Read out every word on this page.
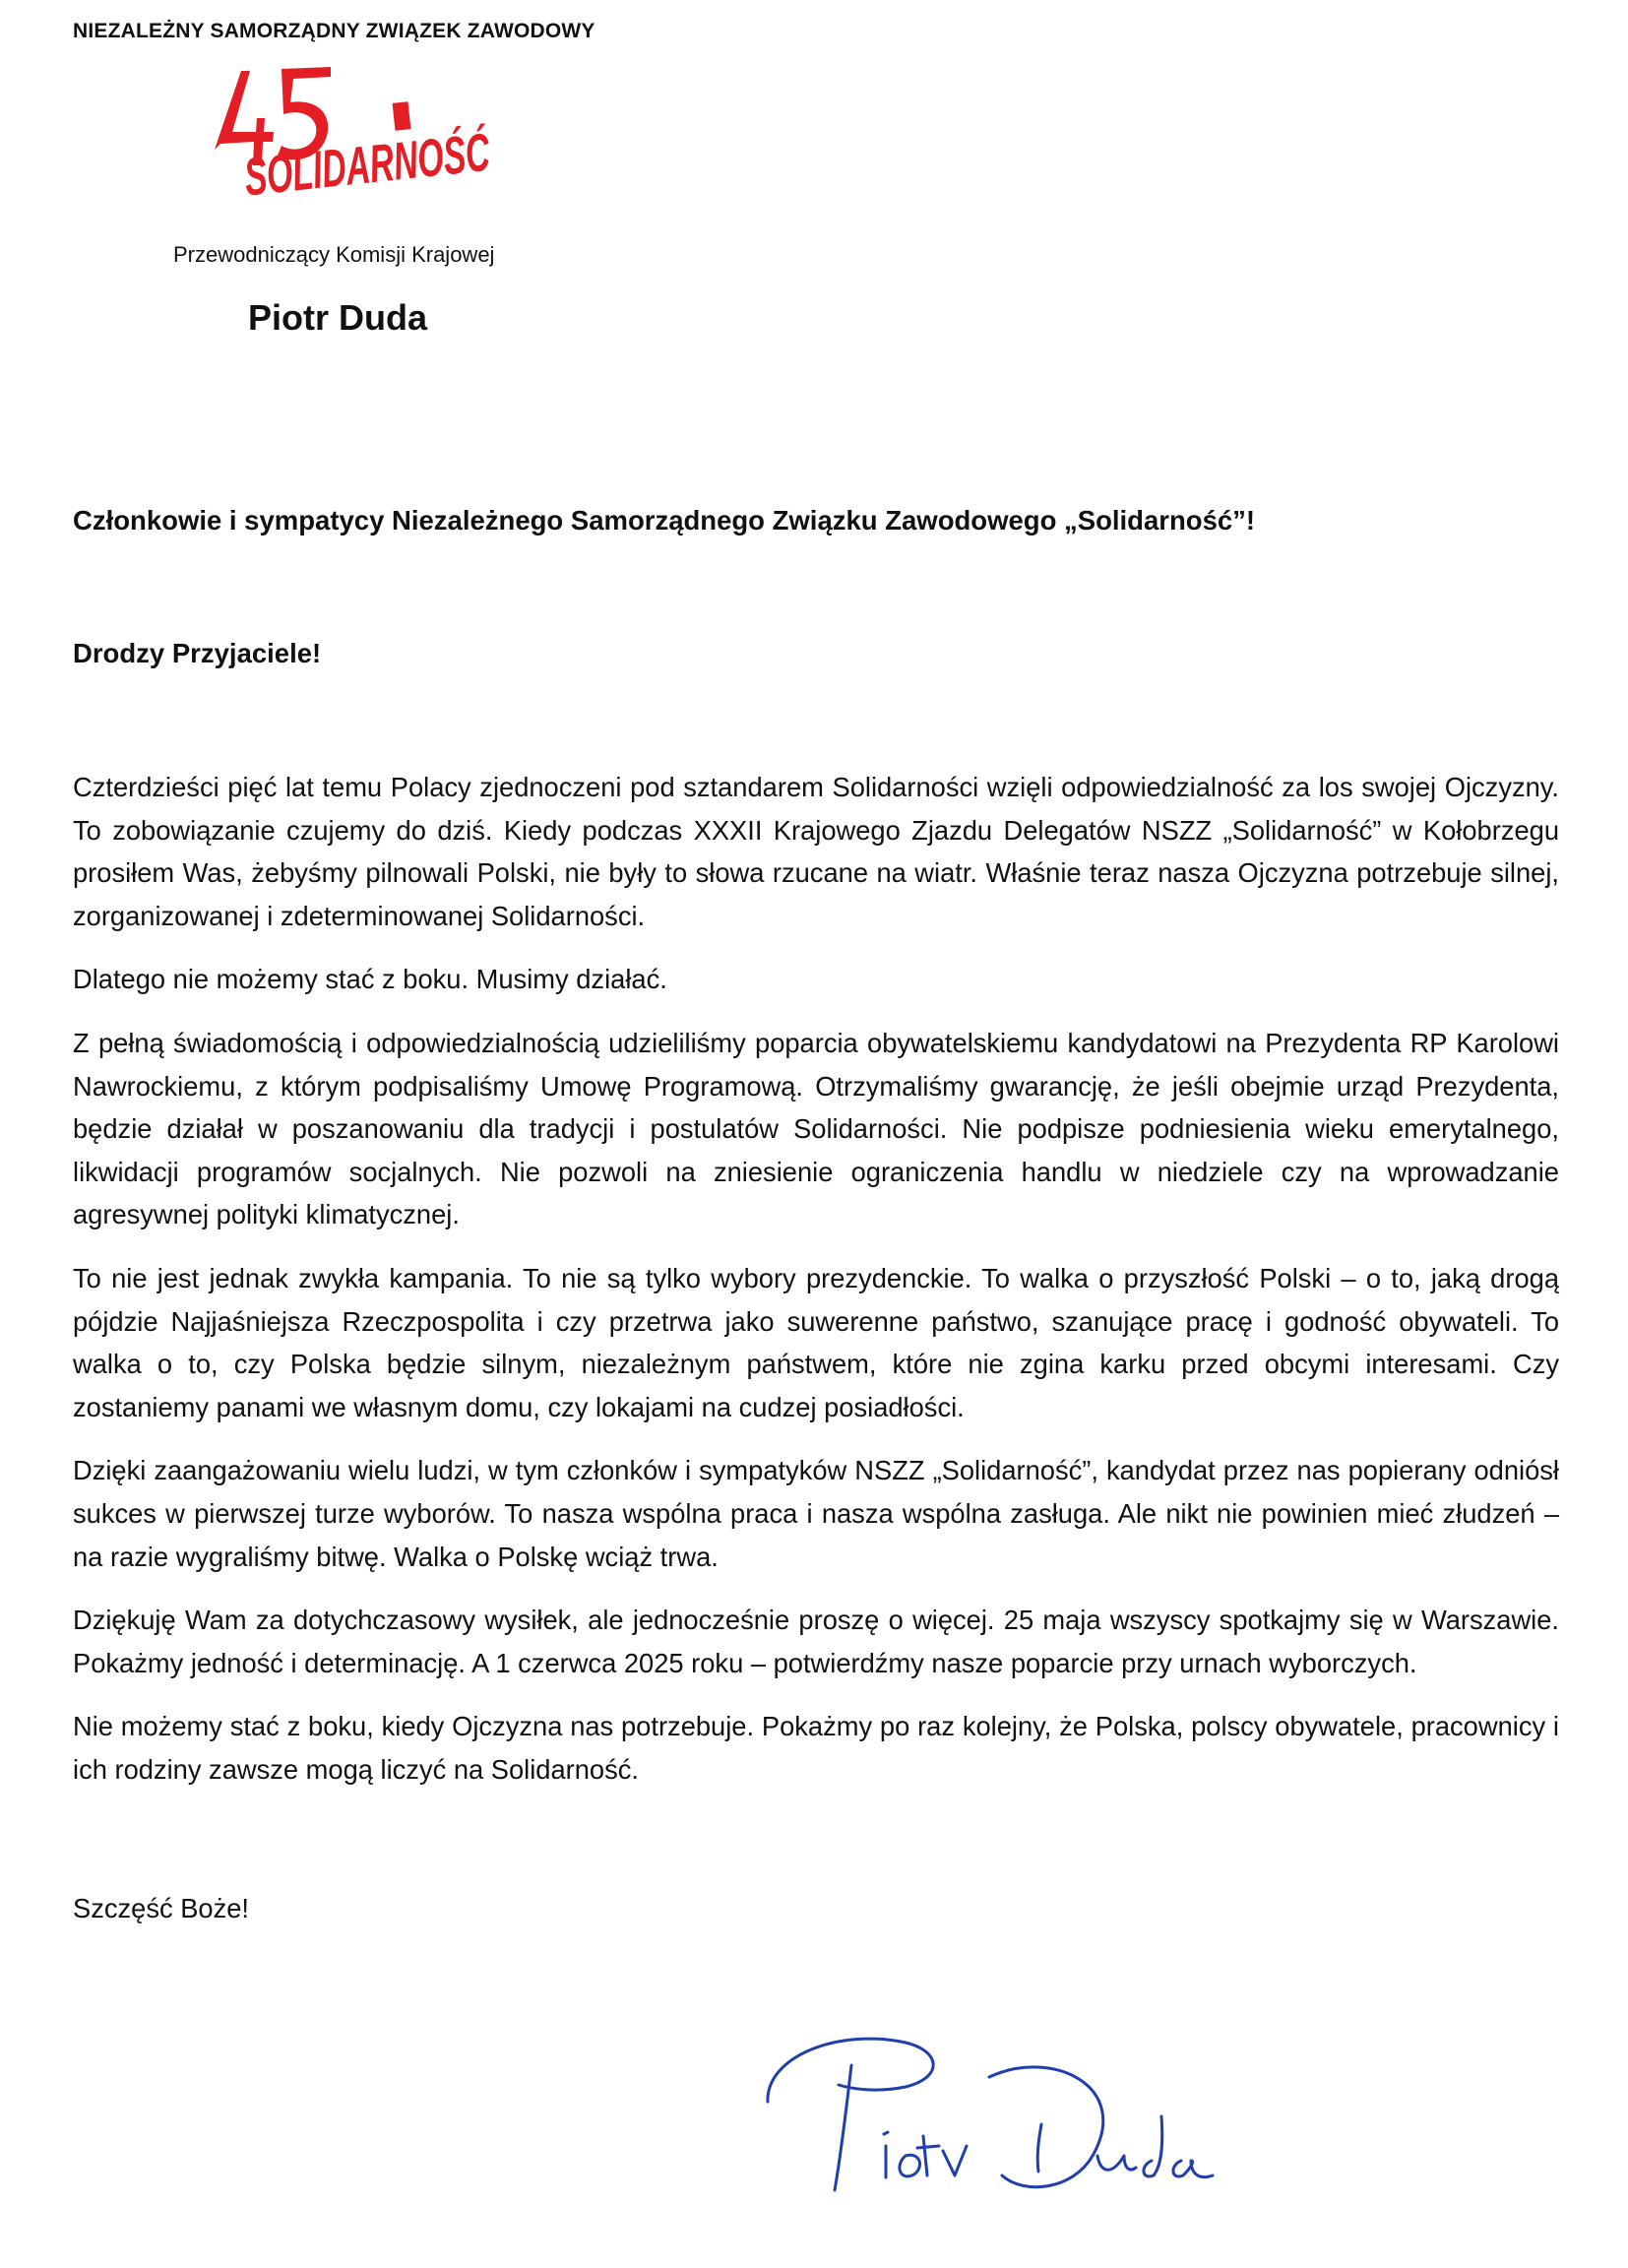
NIEZALEŻNY SAMORZĄDNY ZWIĄZEK ZAWODOWY
SOLIDARNOŚĆ
Przewodniczący Komisji Krajowej
Piotr Duda
Członkowie i sympatycy Niezależnego Samorządnego Związku Zawodowego „Solidarność”!
Drodzy Przyjaciele!

Czterdzieści pięć lat temu Polacy zjednoczeni pod sztandarem Solidarności wzięli odpowiedzialność za los swojej Ojczyzny. To zobowiązanie czujemy do dziś. Kiedy podczas XXXII Krajowego Zjazdu Delegatów NSZZ „Solidarność” w Kołobrzegu prosiłem Was, żebyśmy pilnowali Polski, nie były to słowa rzucane na wiatr. Właśnie teraz nasza Ojczyzna potrzebuje silnej, zorganizowanej i zdeterminowanej Solidarności.

Dlatego nie możemy stać z boku. Musimy działać.

Z pełną świadomością i odpowiedzialnością udzieliliśmy poparcia obywatelskiemu kandydatowi na Prezydenta RP Karolowi Nawrockiemu, z którym podpisaliśmy Umowę Programową. Otrzymaliśmy gwarancję, że jeśli obejmie urząd Prezydenta, będzie działał w poszanowaniu dla tradycji i postulatów Solidarności. Nie podpisze podniesienia wieku emerytalnego, likwidacji programów socjalnych. Nie pozwoli na zniesienie ograniczenia handlu w niedziele czy na wprowadzanie agresywnej polityki klimatycznej.

To nie jest jednak zwykła kampania. To nie są tylko wybory prezydenckie. To walka o przyszłość Polski – o to, jaką drogą pójdzie Najjaśniejsza Rzeczpospolita i czy przetrwa jako suwerenne państwo, szanujące pracę i godność obywateli. To walka o to, czy Polska będzie silnym, niezależnym państwem, które nie zgina karku przed obcymi interesami. Czy zostaniemy panami we własnym domu, czy lokajami na cudzej posiadłości.

Dzięki zaangażowaniu wielu ludzi, w tym członków i sympatyków NSZZ „Solidarność”, kandydat przez nas popierany odniósł sukces w pierwszej turze wyborów. To nasza wspólna praca i nasza wspólna zasługa. Ale nikt nie powinien mieć złudzeń – na razie wygraliśmy bitwę. Walka o Polskę wciąż trwa.

Dziękuję Wam za dotychczasowy wysiłek, ale jednocześnie proszę o więcej. 25 maja wszyscy spotkajmy się w Warszawie. Pokażmy jedność i determinację. A 1 czerwca 2025 roku – potwierdźmy nasze poparcie przy urnach wyborczych.

Nie możemy stać z boku, kiedy Ojczyzna nas potrzebuje. Pokażmy po raz kolejny, że Polska, polscy obywatele, pracownicy i ich rodziny zawsze mogą liczyć na Solidarność.

Szczęść Boże!
